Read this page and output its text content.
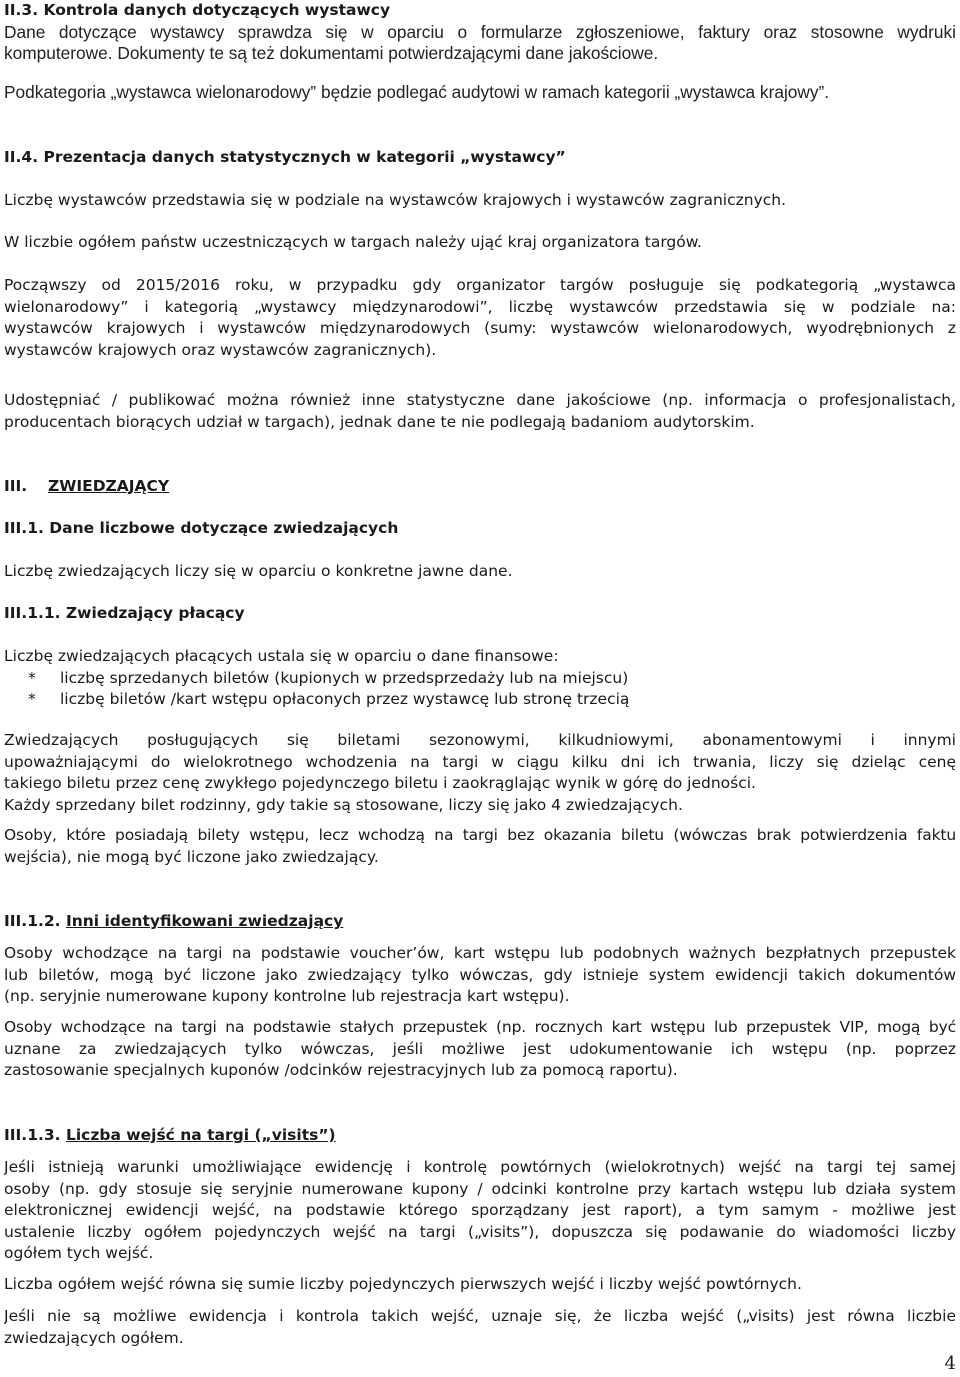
II.3. Kontrola danych dotyczących wystawcy
Dane dotyczące wystawcy sprawdza się w oparciu o formularze zgłoszeniowe, faktury oraz stosowne wydruki
komputerowe. Dokumenty te są też dokumentami potwierdzającymi dane jakościowe.
Podkategoria „wystawca wielonarodowy” będzie podlegać audytowi w ramach kategorii „wystawca krajowy”.
II.4. Prezentacja danych statystycznych w kategorii „wystawcy”
Liczbę wystawców przedstawia się w podziale na wystawców krajowych i wystawców zagranicznych.
W liczbie ogółem państw uczestniczących w targach należy ująć kraj organizatora targów.
Począwszy od 2015/2016 roku, w przypadku gdy organizator targów posługuje się podkategorią „wystawca
wielonarodowy” i kategorią „wystawcy międzynarodowi”, liczbę wystawców przedstawia się w podziale na:
wystawców krajowych i wystawców międzynarodowych (sumy: wystawców wielonarodowych, wyodrębnionych z
wystawców krajowych oraz wystawców zagranicznych).
Udostępniać / publikować można również inne statystyczne dane jakościowe (np. informacja o profesjonalistach,
producentach biorących udział w targach), jednak dane te nie podlegają badaniom audytorskim.
III.	ZWIEDZAJĄCY
III.1. Dane liczbowe dotyczące zwiedzających
Liczbę zwiedzających liczy się w oparciu o konkretne jawne dane.
III.1.1. Zwiedzający płacący
Liczbę zwiedzających płacących ustala się w oparciu o dane finansowe:
*	liczbę sprzedanych biletów (kupionych w przedsprzedaży lub na miejscu)
*	liczbę biletów /kart wstępu opłaconych przez wystawcę lub stronę trzecią
Zwiedzających posługujących się biletami sezonowymi, kilkudniowymi, abonamentowymi i innymi
upoważniającymi do wielokrotnego wchodzenia na targi w ciągu kilku dni ich trwania, liczy się dzieląc cenę
takiego biletu przez cenę zwykłego pojedynczego biletu i zaokrąglając wynik w górę do jedności.
Każdy sprzedany bilet rodzinny, gdy takie są stosowane, liczy się jako 4 zwiedzających.
Osoby, które posiadają bilety wstępu, lecz wchodzą na targi bez okazania biletu (wówczas brak potwierdzenia faktu
wejścia), nie mogą być liczone jako zwiedzający.
III.1.2. Inni identyfikowani zwiedzający
Osoby wchodzące na targi na podstawie voucher’ów, kart wstępu lub podobnych ważnych bezpłatnych przepustek
lub biletów, mogą być liczone jako zwiedzający tylko wówczas, gdy istnieje system ewidencji takich dokumentów
(np. seryjnie numerowane kupony kontrolne lub rejestracja kart wstępu).
Osoby wchodzące na targi na podstawie stałych przepustek (np. rocznych kart wstępu lub przepustek VIP, mogą być
uznane za zwiedzających tylko wówczas, jeśli możliwe jest udokumentowanie ich wstępu (np. poprzez
zastosowanie specjalnych kuponów /odcinków rejestracyjnych lub za pomocą raportu).
III.1.3. Liczba wejść na targi („visits”)
Jeśli istnieją warunki umożliwiające ewidencję i kontrolę powtórnych (wielokrotnych) wejść na targi tej samej
osoby (np. gdy stosuje się seryjnie numerowane kupony / odcinki kontrolne przy kartach wstępu lub działa system
elektronicznej ewidencji wejść, na podstawie którego sporządzany jest raport), a tym samym - możliwe jest
ustalenie liczby ogółem pojedynczych wejść na targi („visits”), dopuszcza się podawanie do wiadomości liczby
ogółem tych wejść.
Liczba ogółem wejść równa się sumie liczby pojedynczych pierwszych wejść i liczby wejść powtórnych.
Jeśli nie są możliwe ewidencja i kontrola takich wejść, uznaje się, że liczba wejść („visits) jest równa liczbie
zwiedzających ogółem.
4
